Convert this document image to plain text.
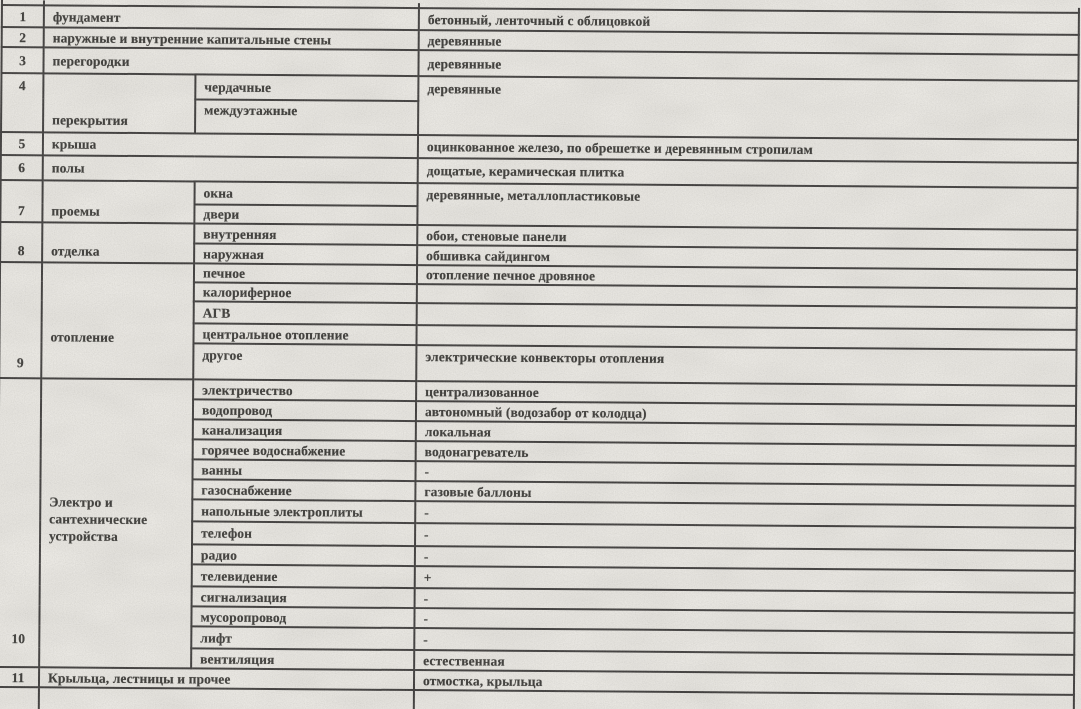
1	фундамент		бетонный, ленточный с облицовкой
2	наружные и внутренние капитальные стены		деревянные
3	перегородки		деревянные
4	перекрытия	чердачные	деревянные
		междуэтажные	
5	крыша		оцинкованное железо, по обрешетке и деревянным стропилам
6	полы		дощатые, керамическая плитка
7	проемы	окна	деревянные, металлопластиковые
		двери	
8	отделка	внутренняя	обои, стеновые панели
		наружная	обшивка сайдингом
9	отопление	печное	отопление печное дровяное
		калориферное	
		АГВ	
		центральное отопление	
		другое	электрические конвекторы отопления
10	Электро и сантехнические устройства	электричество	централизованное
		водопровод	автономный (водозабор от колодца)
		канализация	локальная
		горячее водоснабжение	водонагреватель
		ванны	-
		газоснабжение	газовые баллоны
		напольные электроплиты	-
		телефон	-
		радио	-
		телевидение	+
		сигнализация	-
		мусоропровод	-
		лифт	-
		вентиляция	естественная
11	Крыльца, лестницы и прочее		отмостка, крыльца
